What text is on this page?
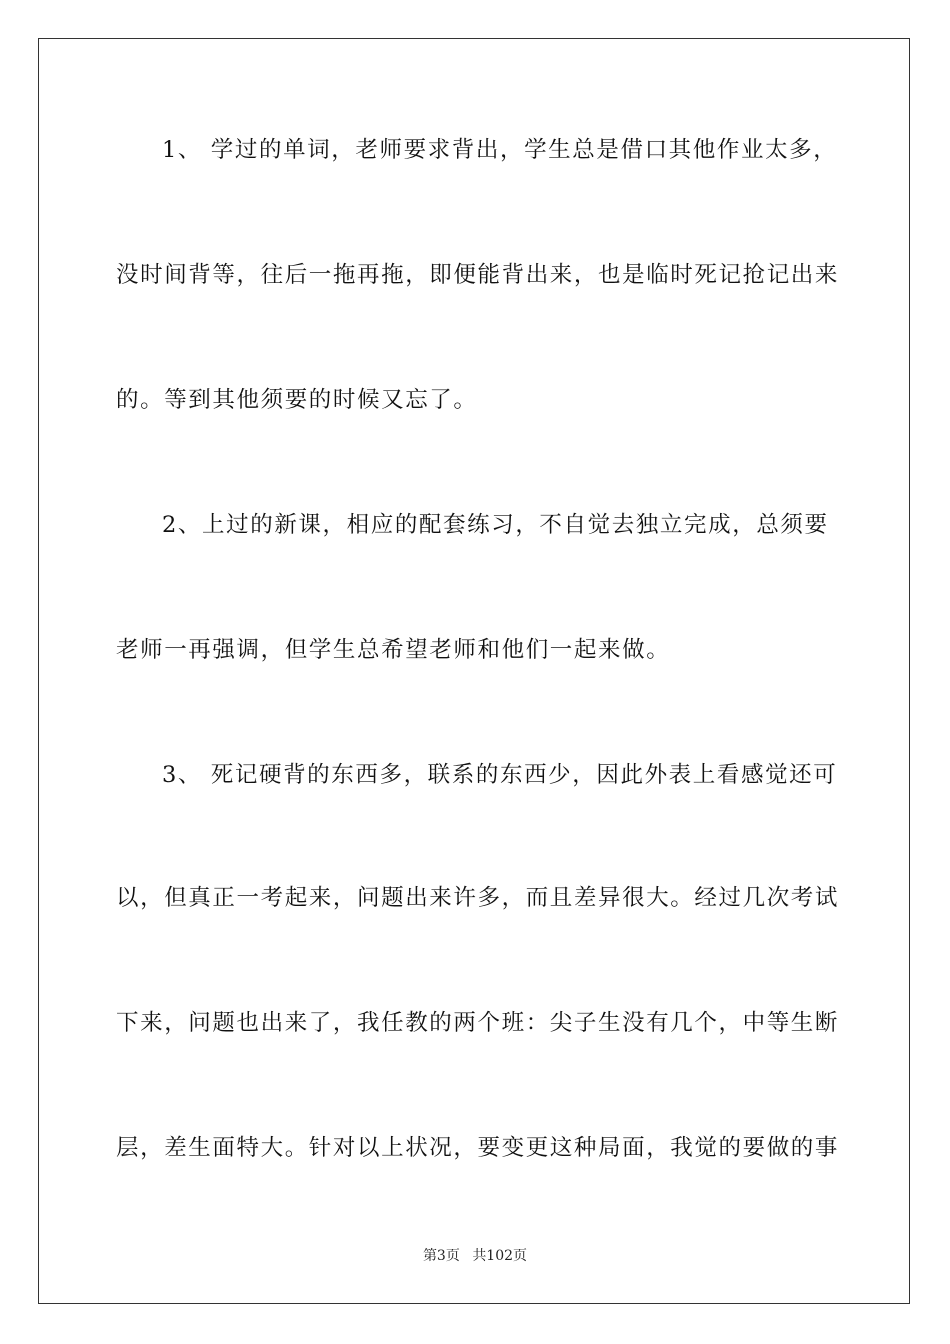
1、 学过的单词，老师要求背出，学生总是借口其他作业太多，
没时间背等，往后一拖再拖，即便能背出来，也是临时死记抢记出来
的。等到其他须要的时候又忘了。
2、上过的新课，相应的配套练习，不自觉去独立完成，总须要
老师一再强调，但学生总希望老师和他们一起来做。
3、 死记硬背的东西多，联系的东西少，因此外表上看感觉还可
以，但真正一考起来，问题出来许多，而且差异很大。经过几次考试
下来，问题也出来了，我任教的两个班：尖子生没有几个，中等生断
层，差生面特大。针对以上状况，要变更这种局面，我觉的要做的事
第3页 共102页
